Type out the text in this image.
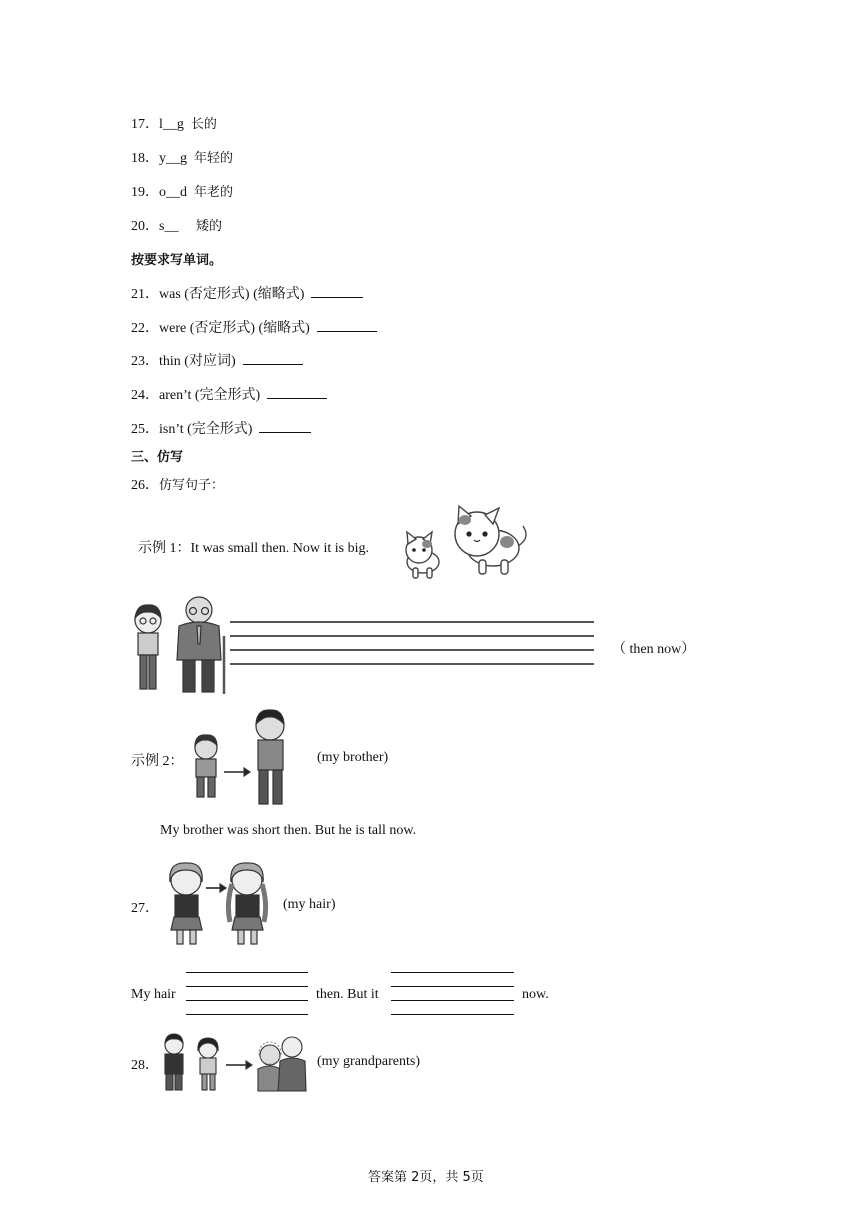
17．l__g 长的
18．y__g 年轻的
19．o__d 年老的
20．s__ 矮的
按要求写单词。
21．was (否定形式) (缩略式)
22．were (否定形式) (缩略式)
23．thin (对应词)
24．aren’t (完全形式)
25．isn’t (完全形式)
三、仿写
26．仿写句子：
示例 1：It was small then. Now it is big.
（ then now）
示例 2：	(my brother)
My brother was short then. But he is tall now.
27．	(my hair)
My hair	then. But it	now.
28．	(my grandparents)
答案第 2页，共 5页
